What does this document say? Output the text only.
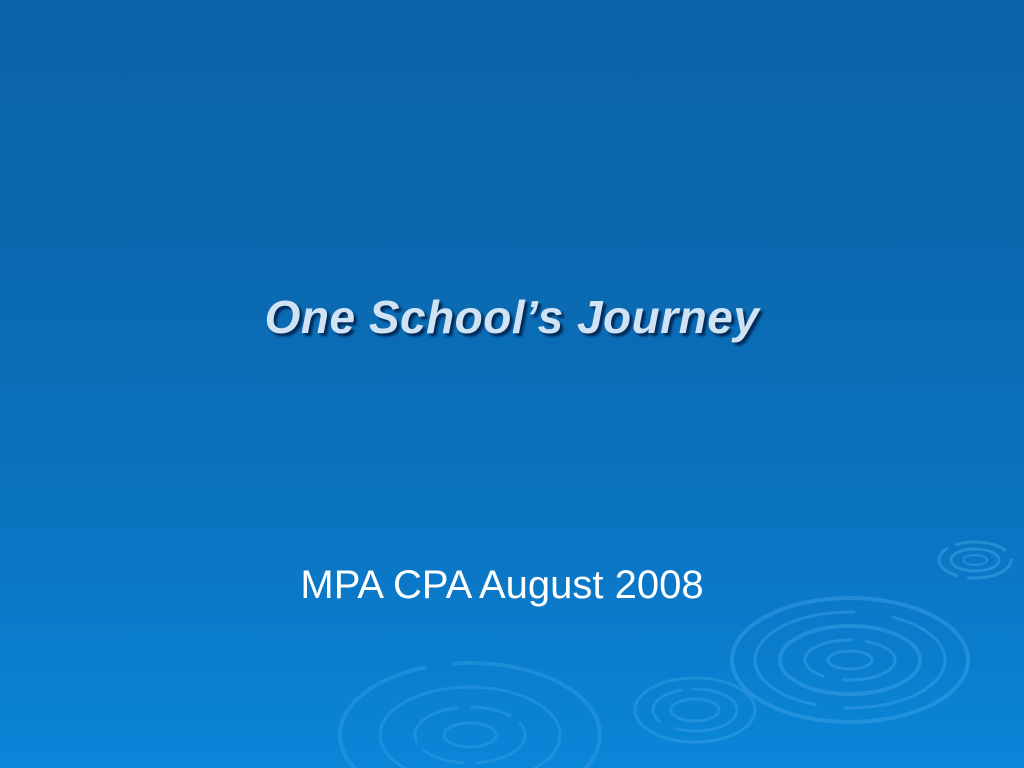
One School’s Journey
MPA CPA August 2008
